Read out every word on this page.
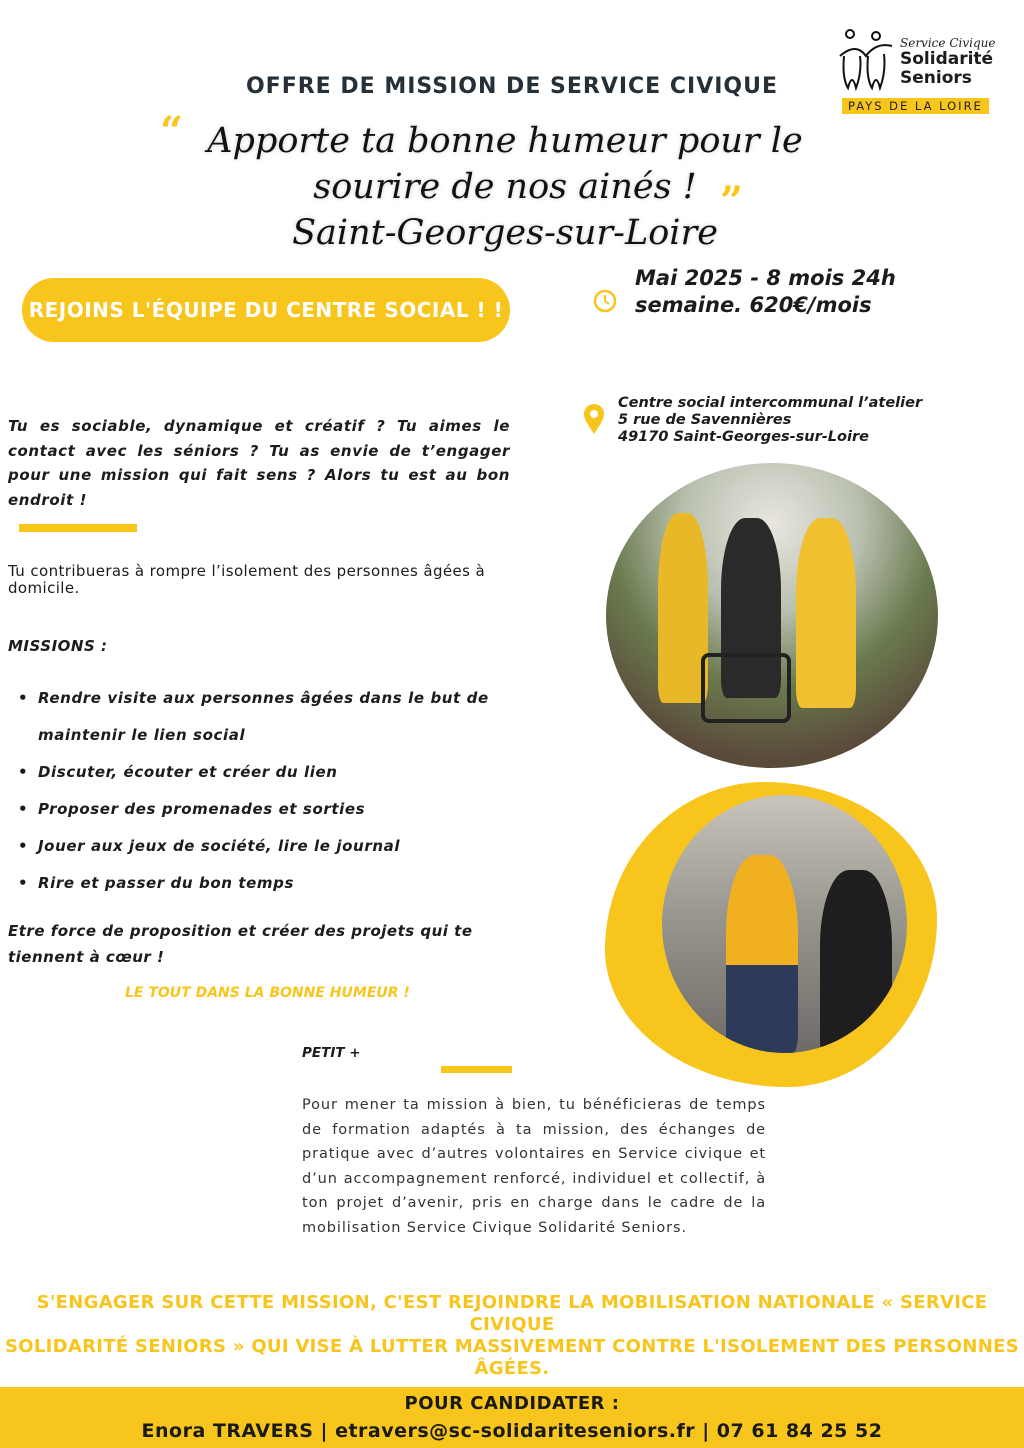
Service Civique
Solidarité
Seniors
PAYS DE LA LOIRE
OFFRE DE MISSION DE SERVICE CIVIQUE
“
”
Apporte ta bonne humeur pour le
sourire de nos ainés !
Saint-Georges-sur-Loire
REJOINS L'ÉQUIPE DU CENTRE SOCIAL ! !
Mai 2025 - 8 mois 24h
semaine. 620€/mois
Centre social intercommunal l’atelier
5 rue de Savennières
49170 Saint-Georges-sur-Loire
Tu es sociable, dynamique et créatif ? Tu aimes le contact avec les séniors ? Tu as envie de t’engager pour une mission qui fait sens ? Alors tu est au bon endroit !
Tu contribueras à rompre l’isolement des personnes âgées à domicile.
MISSIONS :
• Rendre visite aux personnes âgées dans le but de maintenir le lien social
• Discuter, écouter et créer du lien
• Proposer des promenades et sorties
• Jouer aux jeux de société, lire le journal
• Rire et passer du bon temps
Etre force de proposition et créer des projets qui te tiennent à cœur !
LE TOUT DANS LA BONNE HUMEUR !
PETIT +
Pour mener ta mission à bien, tu bénéficieras de temps de formation adaptés à ta mission, des échanges de pratique avec d’autres volontaires en Service civique et d’un accompagnement renforcé, individuel et collectif, à ton projet d’avenir, pris en charge dans le cadre de la mobilisation Service Civique Solidarité Seniors.
S'ENGAGER SUR CETTE MISSION, C'EST REJOINDRE LA MOBILISATION NATIONALE « SERVICE CIVIQUE
SOLIDARITÉ SENIORS » QUI VISE À LUTTER MASSIVEMENT CONTRE L'ISOLEMENT DES PERSONNES ÂGÉES.
POUR CANDIDATER :
Enora TRAVERS | etravers@sc-solidariteseniors.fr | 07 61 84 25 52
